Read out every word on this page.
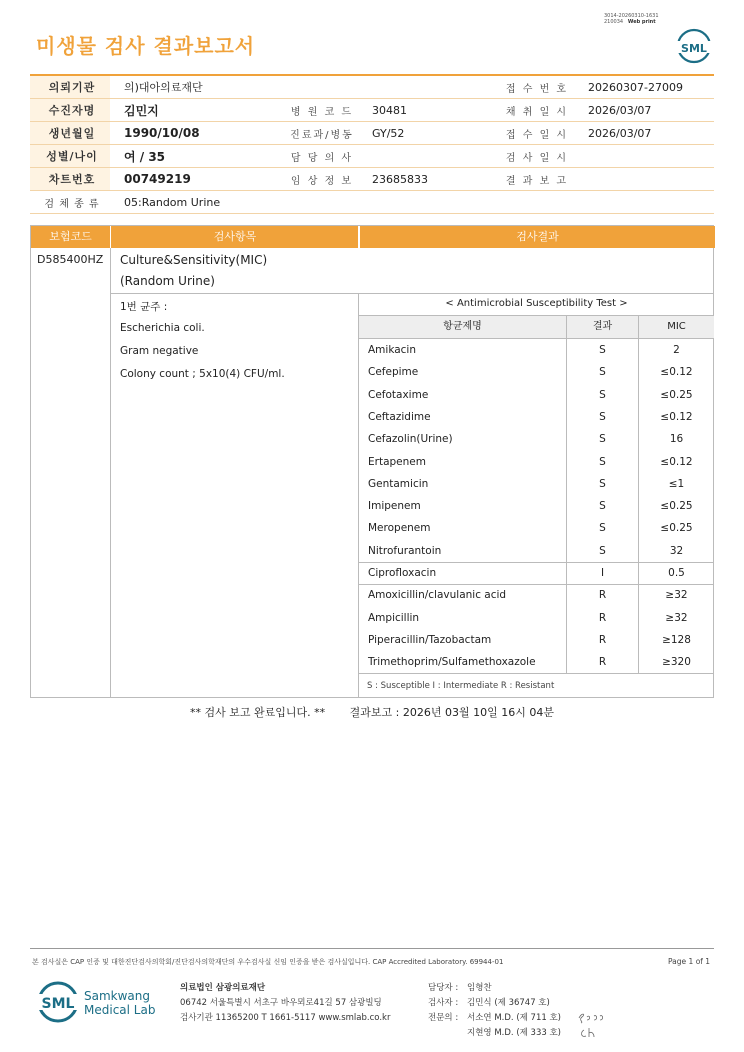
미생물 검사 결과보고서
3014-20260310-1631
210034 Web print
SML
의뢰기관	의)대아의료재단			접 수 번 호	20260307-27009
수진자명	김민지	병 원 코 드	30481	채 취 일 시	2026/03/07
생년월일	1990/10/08	진료과/병동	GY/52	접 수 일 시	2026/03/07
성별/나이	여 / 35	담 당 의 사		검 사 일 시	
차트번호	00749219	임 상 정 보	23685833	결 과 보 고	
검 체 종 류	05:Random Urine				
보험코드	검사항목	검사결과
D585400HZ Culture&Sensitivity(MIC)
(Random Urine)
1번 균주 :
Escherichia coli.
Gram negative
Colony count ; 5x10(4) CFU/ml.
< Antimicrobial Susceptibility Test >
항균제명	결과	MIC
Amikacin	S	2
Cefepime	S	≤0.12
Cefotaxime	S	≤0.25
Ceftazidime	S	≤0.12
Cefazolin(Urine)	S	16
Ertapenem	S	≤0.12
Gentamicin	S	≤1
Imipenem	S	≤0.25
Meropenem	S	≤0.25
Nitrofurantoin	S	32
Ciprofloxacin	I	0.5
Amoxicillin/clavulanic acid	R	≥32
Ampicillin	R	≥32
Piperacillin/Tazobactam	R	≥128
Trimethoprim/Sulfamethoxazole	R	≥320
S : Susceptible I : Intermediate R : Resistant
** 검사 보고 완료입니다. ** 결과보고 : 2026년 03월 10일 16시 04분
본 검사실은 CAP 인증 및 대한진단검사의학회/진단검사의학재단의 우수검사실 신임 인증을 받은 검사실입니다. CAP Accredited Laboratory. 69944-01	Page 1 of 1
SML Samkwang
Medical Lab
의료법인 삼광의료재단
06742 서울특별시 서초구 바우뫼로41길 57 삼광빌딩
검사기관 11365200 T 1661-5117 www.smlab.co.kr
담당자 : 임형찬
검사자 : 김민식 (제 36747 호)
전문의 : 서소연 M.D. (제 711 호)
지현영 M.D. (제 333 호)
